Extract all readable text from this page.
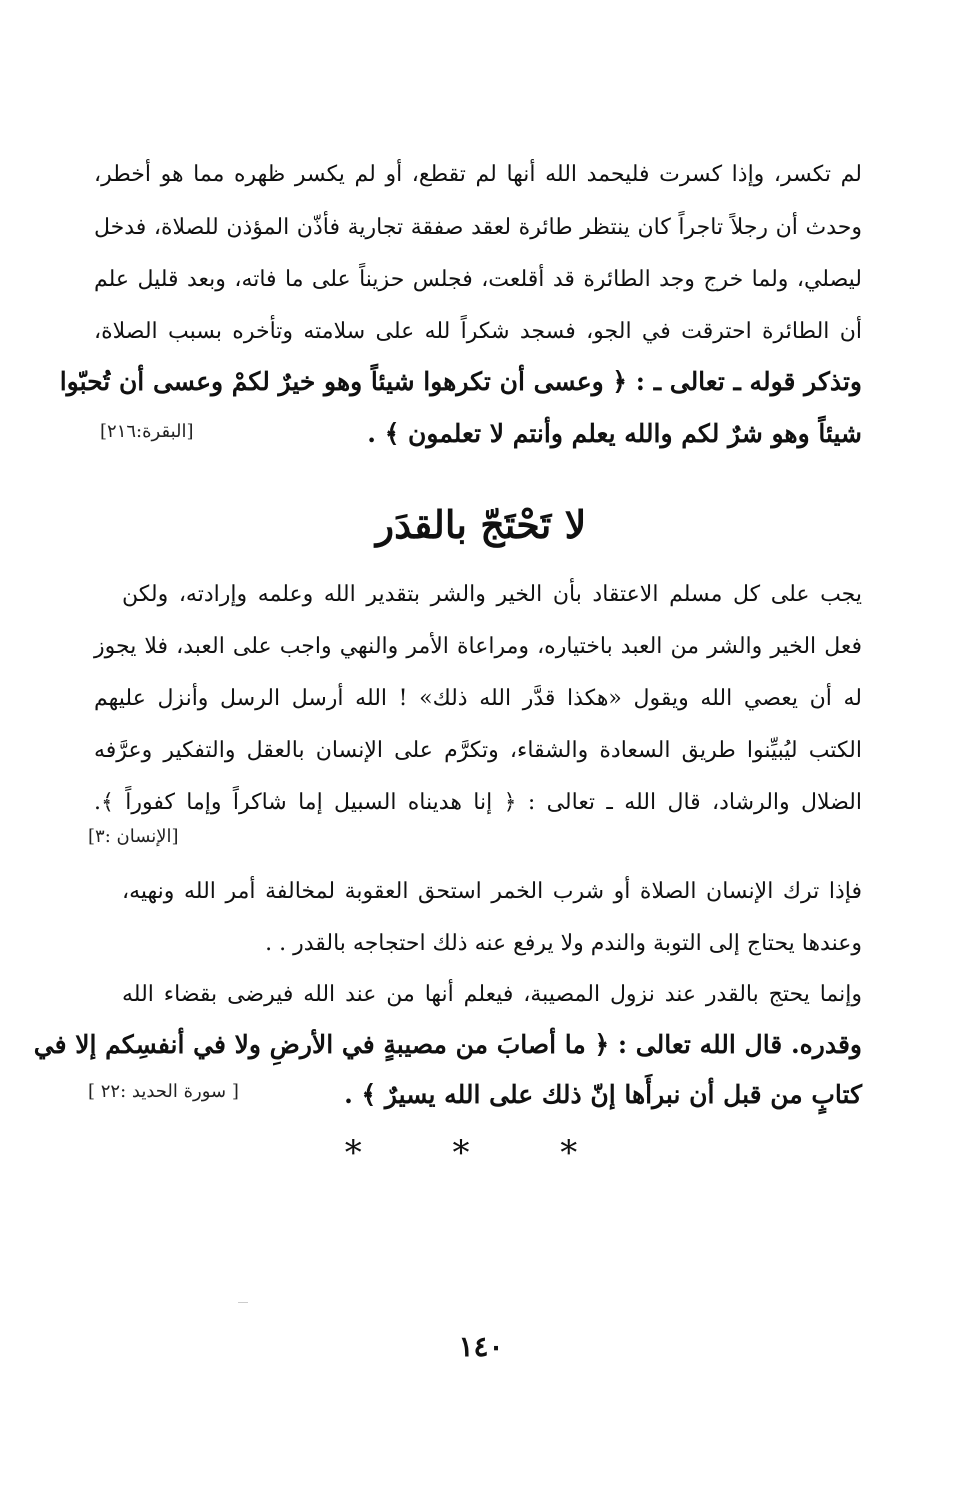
لم تكسر، وإذا كسرت فليحمد الله أنها لم تقطع، أو لم يكسر ظهره مما هو أخطر،
وحدث أن رجلاً تاجراً كان ينتظر طائرة لعقد صفقة تجارية فأذّن المؤذن للصلاة، فدخل
ليصلي، ولما خرج وجد الطائرة قد أقلعت، فجلس حزيناً على ما فاته، وبعد قليل علم
أن الطائرة احترقت في الجو، فسجد شكراً لله على سلامته وتأخره بسبب الصلاة،
وتذكر قوله ـ تعالى ـ : ﴿ وعسى أن تكرهوا شيئاً وهو خيرٌ لكمْ وعسى أن تُحبّوا
شيئاً وهو شرٌ لكم والله يعلم وأنتم لا تعلمون ﴾ .
[البقرة:٢١٦]
لا تَحْتَجّ بالقدَر
يجب على كل مسلم الاعتقاد بأن الخير والشر بتقدير الله وعلمه وإرادته، ولكن
فعل الخير والشر من العبد باختياره، ومراعاة الأمر والنهي واجب على العبد، فلا يجوز
له أن يعصي الله ويقول «هكذا قدَّر الله ذلك» ! الله أرسل الرسل وأنزل عليهم
الكتب ليُبيِّنوا طريق السعادة والشقاء، وتكرَّم على الإنسان بالعقل والتفكير وعرَّفه
الضلال والرشاد، قال الله ـ تعالى : ﴿ إنا هديناه السبيل إما شاكراً وإما كفوراً ﴾.
[الإنسان :٣]
فإذا ترك الإنسان الصلاة أو شرب الخمر استحق العقوبة لمخالفة أمر الله ونهيه،
وعندها يحتاج إلى التوبة والندم ولا يرفع عنه ذلك احتجاجه بالقدر . .
وإنما يحتج بالقدر عند نزول المصيبة، فيعلم أنها من عند الله فيرضى بقضاء الله
وقدره. قال الله تعالى : ﴿ ما أصابَ من مصيبةٍ في الأرضِ ولا في أنفسِكم إلا في
كتابٍ من قبل أن نبرأَها إنّ ذلك على الله يسيرٌ ﴾ .
[ سورة الحديد :٢٢ ]
* * *
١٤٠
